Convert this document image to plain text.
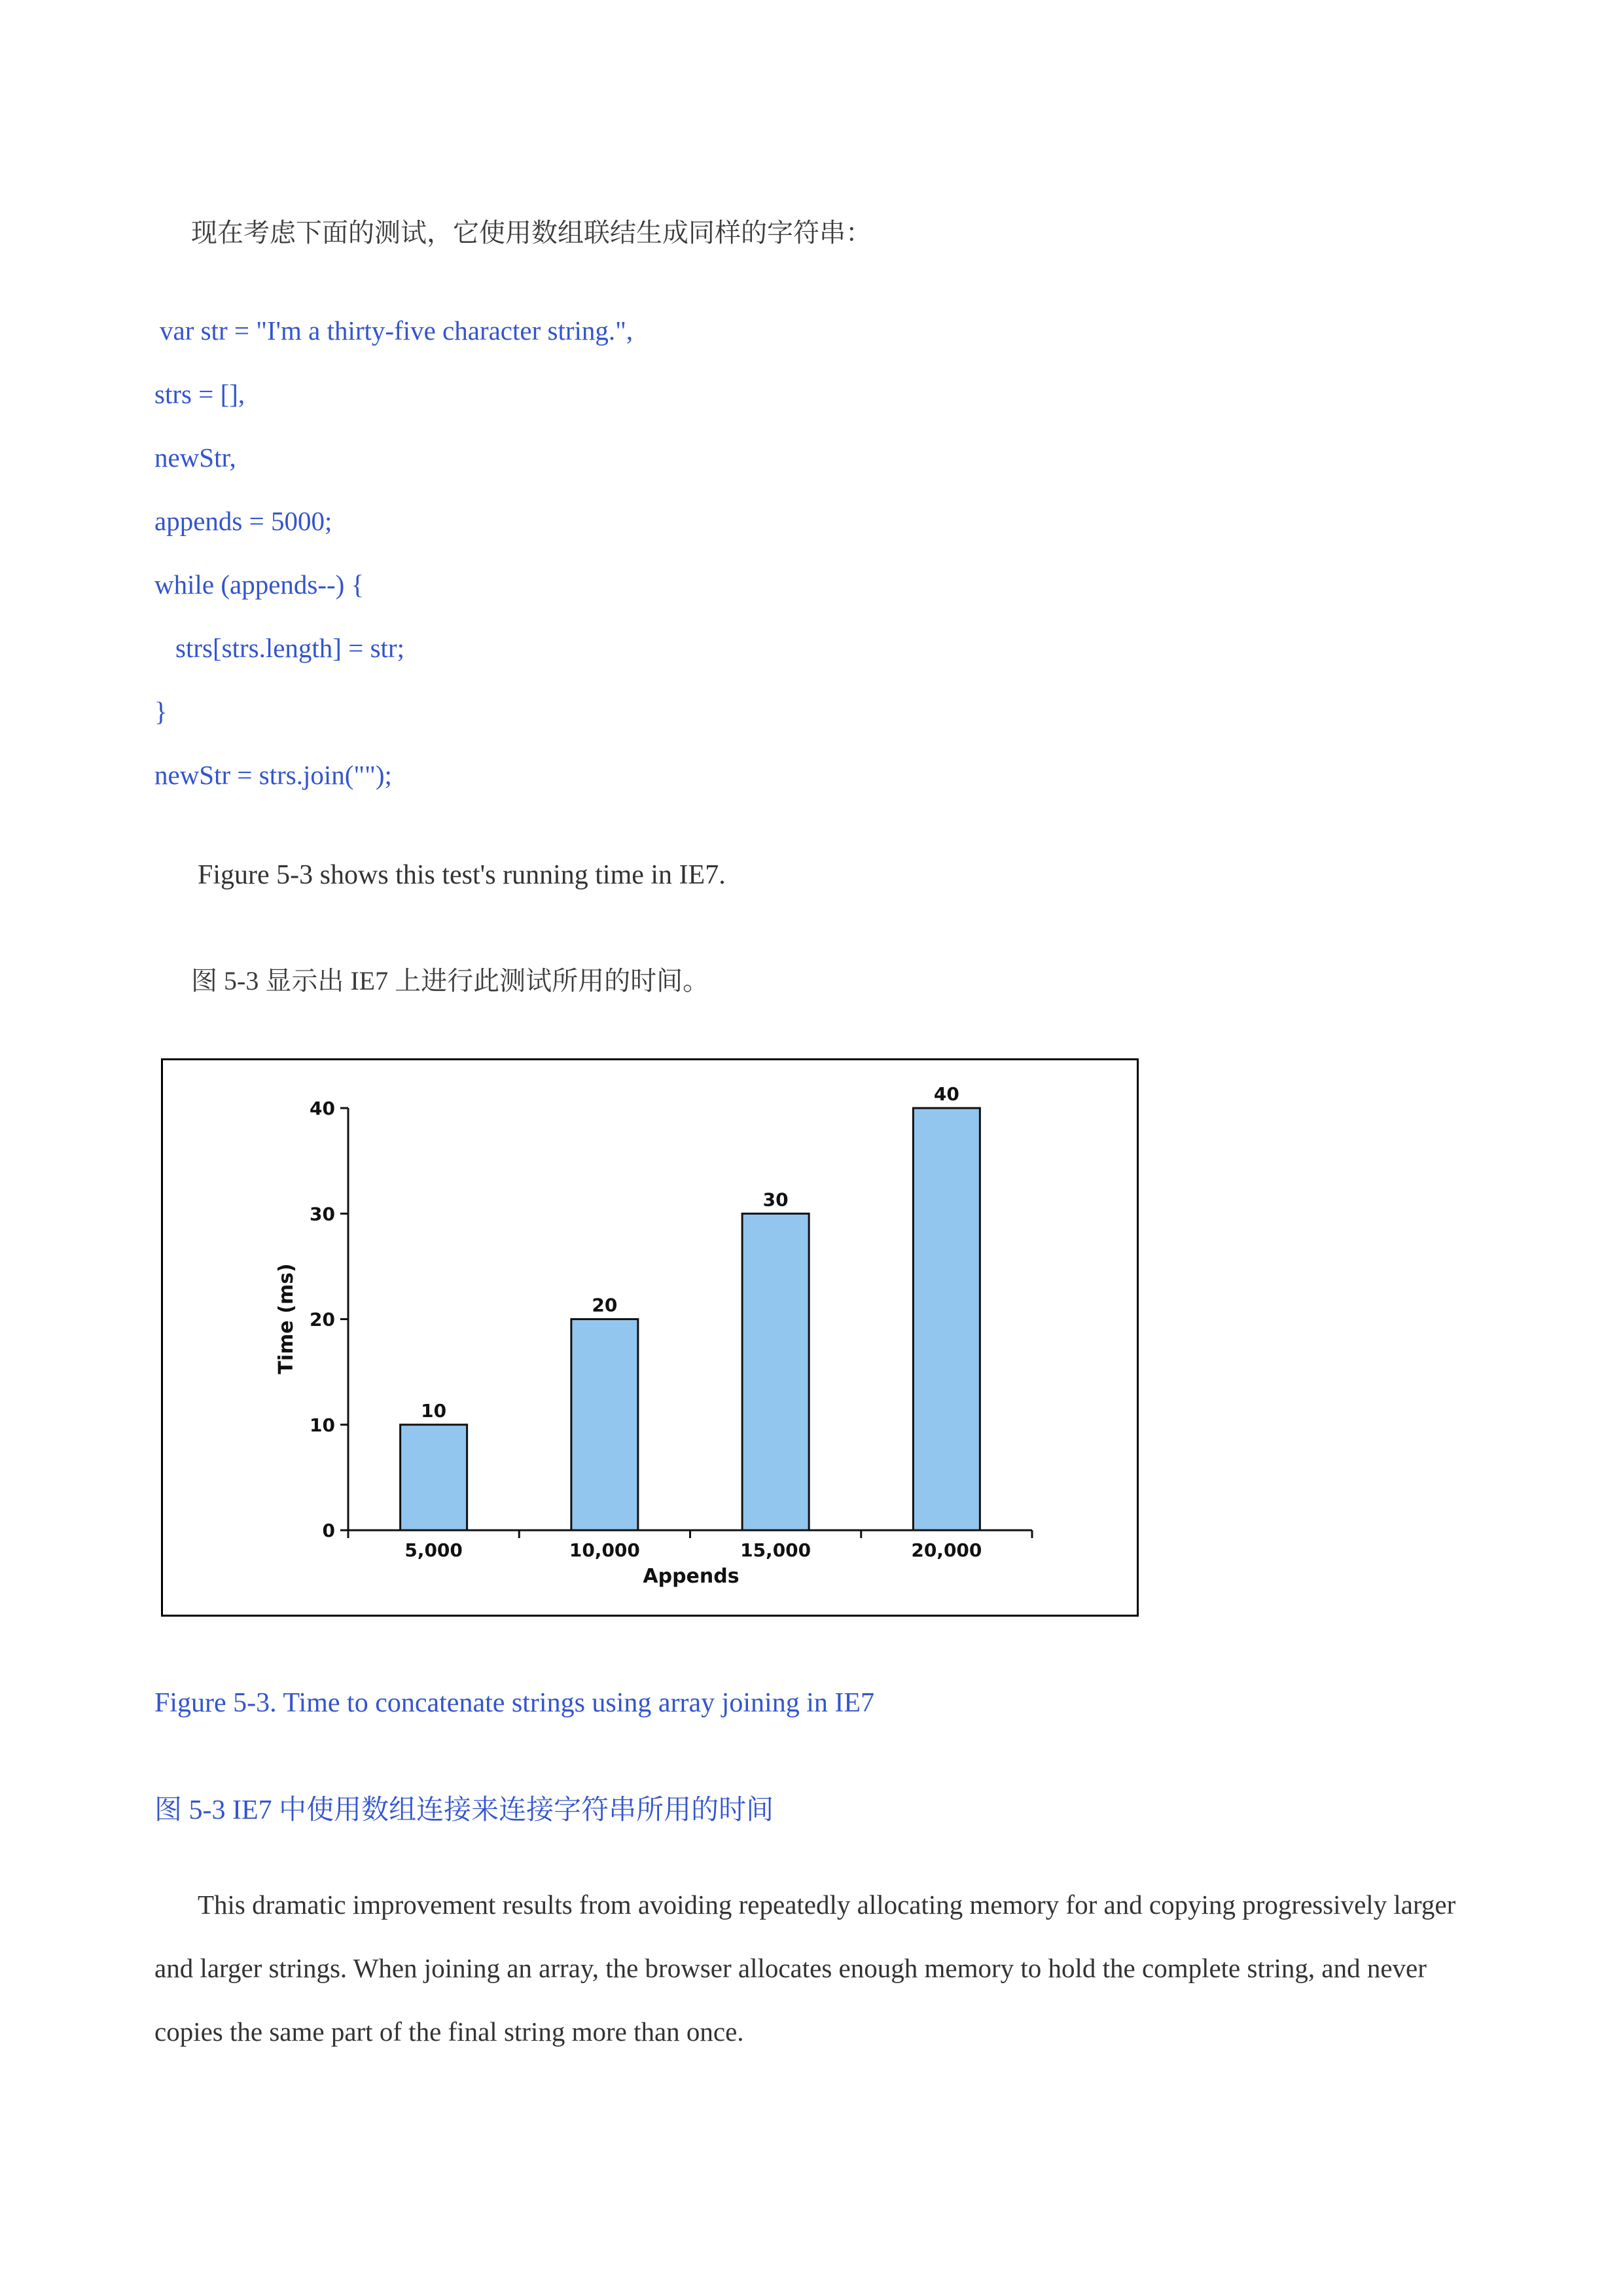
现在考虑下面的测试，它使用数组联结生成同样的字符串：
var str = "I'm a thirty-five character string.",
strs = [],
newStr,
appends = 5000;
while (appends--) {
strs[strs.length] = str;
}
newStr = strs.join("");
Figure 5-3 shows this test's running time in IE7.
图 5-3 显示出 IE7 上进行此测试所用的时间。
0
10
20
30
40
5,000	10,000	15,000	20,000
10
20
30
40
Appends
Time (ms)
Figure 5-3. Time to concatenate strings using array joining in IE7
图 5-3 IE7 中使用数组连接来连接字符串所用的时间
This dramatic improvement results from avoiding repeatedly allocating memory for and copying progressively larger and larger strings. When joining an array, the browser allocates enough memory to hold the complete string, and never copies the same part of the final string more than once.
